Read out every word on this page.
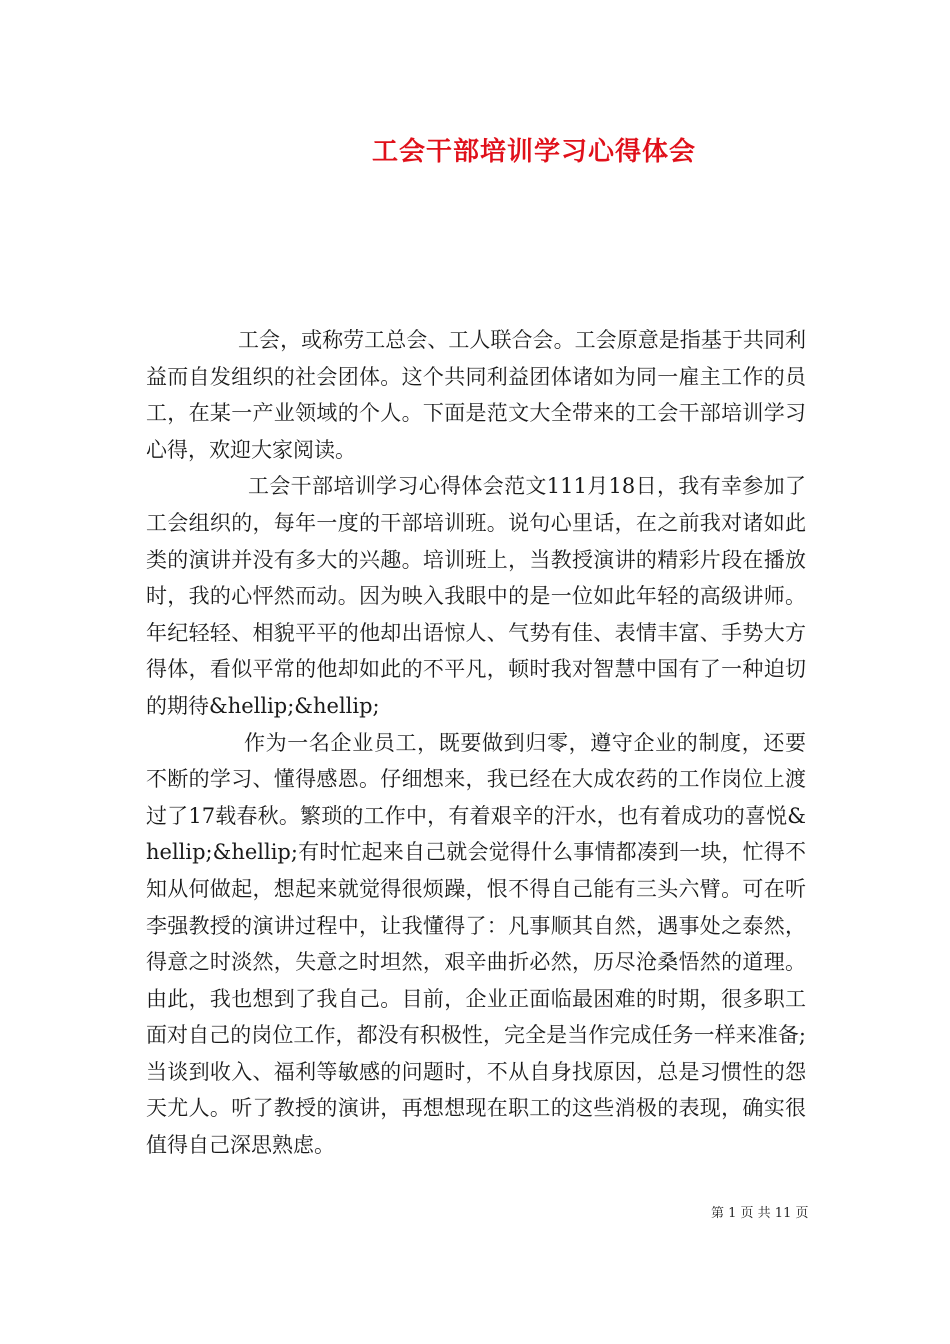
工会干部培训学习心得体会

工会，或称劳工总会、工人联合会。工会原意是指基于共同利益而自发组织的社会团体。这个共同利益团体诸如为同一雇主工作的员工，在某一产业领域的个人。下面是范文大全带来的工会干部培训学习心得，欢迎大家阅读。

工会干部培训学习心得体会范文111月18日，我有幸参加了工会组织的，每年一度的干部培训班。说句心里话，在之前我对诸如此类的演讲并没有多大的兴趣。培训班上，当教授演讲的精彩片段在播放时，我的心怦然而动。因为映入我眼中的是一位如此年轻的高级讲师。年纪轻轻、相貌平平的他却出语惊人、气势有佳、表情丰富、手势大方得体，看似平常的他却如此的不平凡，顿时我对智慧中国有了一种迫切的期待&hellip;&hellip;

作为一名企业员工，既要做到归零，遵守企业的制度，还要不断的学习、懂得感恩。仔细想来，我已经在大成农药的工作岗位上渡过了17载春秋。繁琐的工作中，有着艰辛的汗水，也有着成功的喜悦&hellip;&hellip;有时忙起来自己就会觉得什么事情都凑到一块，忙得不知从何做起，想起来就觉得很烦躁，恨不得自己能有三头六臂。可在听李强教授的演讲过程中，让我懂得了：凡事顺其自然，遇事处之泰然，得意之时淡然，失意之时坦然，艰辛曲折必然，历尽沧桑悟然的道理。由此，我也想到了我自己。目前，企业正面临最困难的时期，很多职工面对自己的岗位工作，都没有积极性，完全是当作完成任务一样来准备;当谈到收入、福利等敏感的问题时，不从自身找原因，总是习惯性的怨天尤人。听了教授的演讲，再想想现在职工的这些消极的表现，确实很值得自己深思熟虑。

第 1 页 共 11 页
